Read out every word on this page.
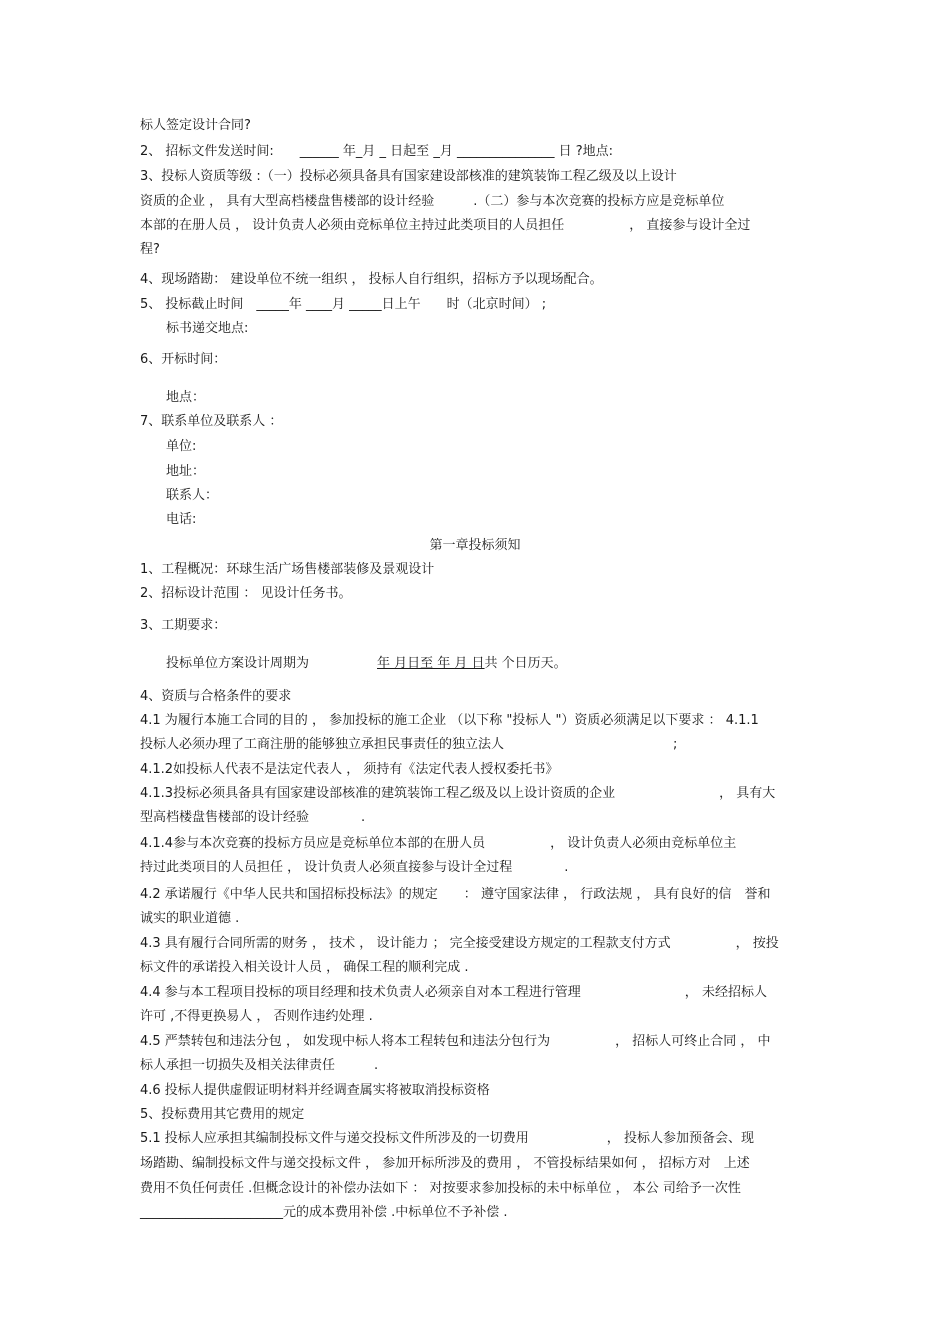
标人签定设计合同?
2、 招标文件发送时间:　　______ 年_月 _ 日起至 _月 _______________ 日 ?地点:
3、投标人资质等级 :（一）投标必须具备具有国家建设部核准的建筑装饰工程乙级及以上设计
资质的企业 ， 具有大型高档楼盘售楼部的设计经验　　　.（二）参与本次竞赛的投标方应是竞标单位
本部的在册人员 ， 设计负责人必须由竞标单位主持过此类项目的人员担任　　　　　， 直接参与设计全过
程?
4、现场踏勘： 建设单位不统一组织 ， 投标人自行组织，招标方予以现场配合。
5、 投标截止时间　_____年 ____月 _____日上午　　时（北京时间） ;
标书递交地点:
6、开标时间：
地点：
7、联系单位及联系人 ：
单位:
地址：
联系人：
电话:
第一章投标须知
1、工程概况：环球生活广场售楼部装修及景观设计
2、招标设计范围 ： 见设计任务书。
3、工期要求：
投标单位方案设计周期为	年 月日至 年 月 日共 个日历天。
4、资质与合格条件的要求
4.1 为履行本施工合同的目的 ， 参加投标的施工企业 （以下称 "投标人 "）资质必须满足以下要求 ： 4.1.1
投标人必须办理了工商注册的能够独立承担民事责任的独立法人　　　　　　　　　　　　　;
4.1.2如投标人代表不是法定代表人 ， 须持有《法定代表人授权委托书》
4.1.3投标必须具备具有国家建设部核准的建筑装饰工程乙级及以上设计资质的企业　　　　　　　　， 具有大
型高档楼盘售楼部的设计经验　　　　.
4.1.4参与本次竞赛的投标方员应是竞标单位本部的在册人员　　　　　， 设计负责人必须由竞标单位主
持过此类项目的人员担任 ， 设计负责人必须直接参与设计全过程　　　　.
4.2 承诺履行《中华人民共和国招标投标法》的规定　　： 遵守国家法律 ， 行政法规 ， 具有良好的信　誉和
诚实的职业道德 .
4.3 具有履行合同所需的财务 ， 技术 ， 设计能力 ； 完全接受建设方规定的工程款支付方式　　　　　， 按投
标文件的承诺投入相关设计人员 ， 确保工程的顺利完成 .
4.4 参与本工程项目投标的项目经理和技术负责人必须亲自对本工程进行管理　　　　　　　　， 未经招标人
许可 ,不得更换易人 ， 否则作违约处理 .
4.5 严禁转包和违法分包 ， 如发现中标人将本工程转包和违法分包行为　　　　　， 招标人可终止合同 ， 中
标人承担一切损失及相关法律责任　　　.
4.6 投标人提供虚假证明材料并经调查属实将被取消投标资格
5、投标费用其它费用的规定
5.1 投标人应承担其编制投标文件与递交投标文件所涉及的一切费用　　　　　　， 投标人参加预备会、现
场踏勘、编制投标文件与递交投标文件 ， 参加开标所涉及的费用 ， 不管投标结果如何 ， 招标方对　上述
费用不负任何责任 .但概念设计的补偿办法如下 ： 对按要求参加投标的未中标单位 ， 本公 司给予一次性
______________________元的成本费用补偿 .中标单位不予补偿 .
